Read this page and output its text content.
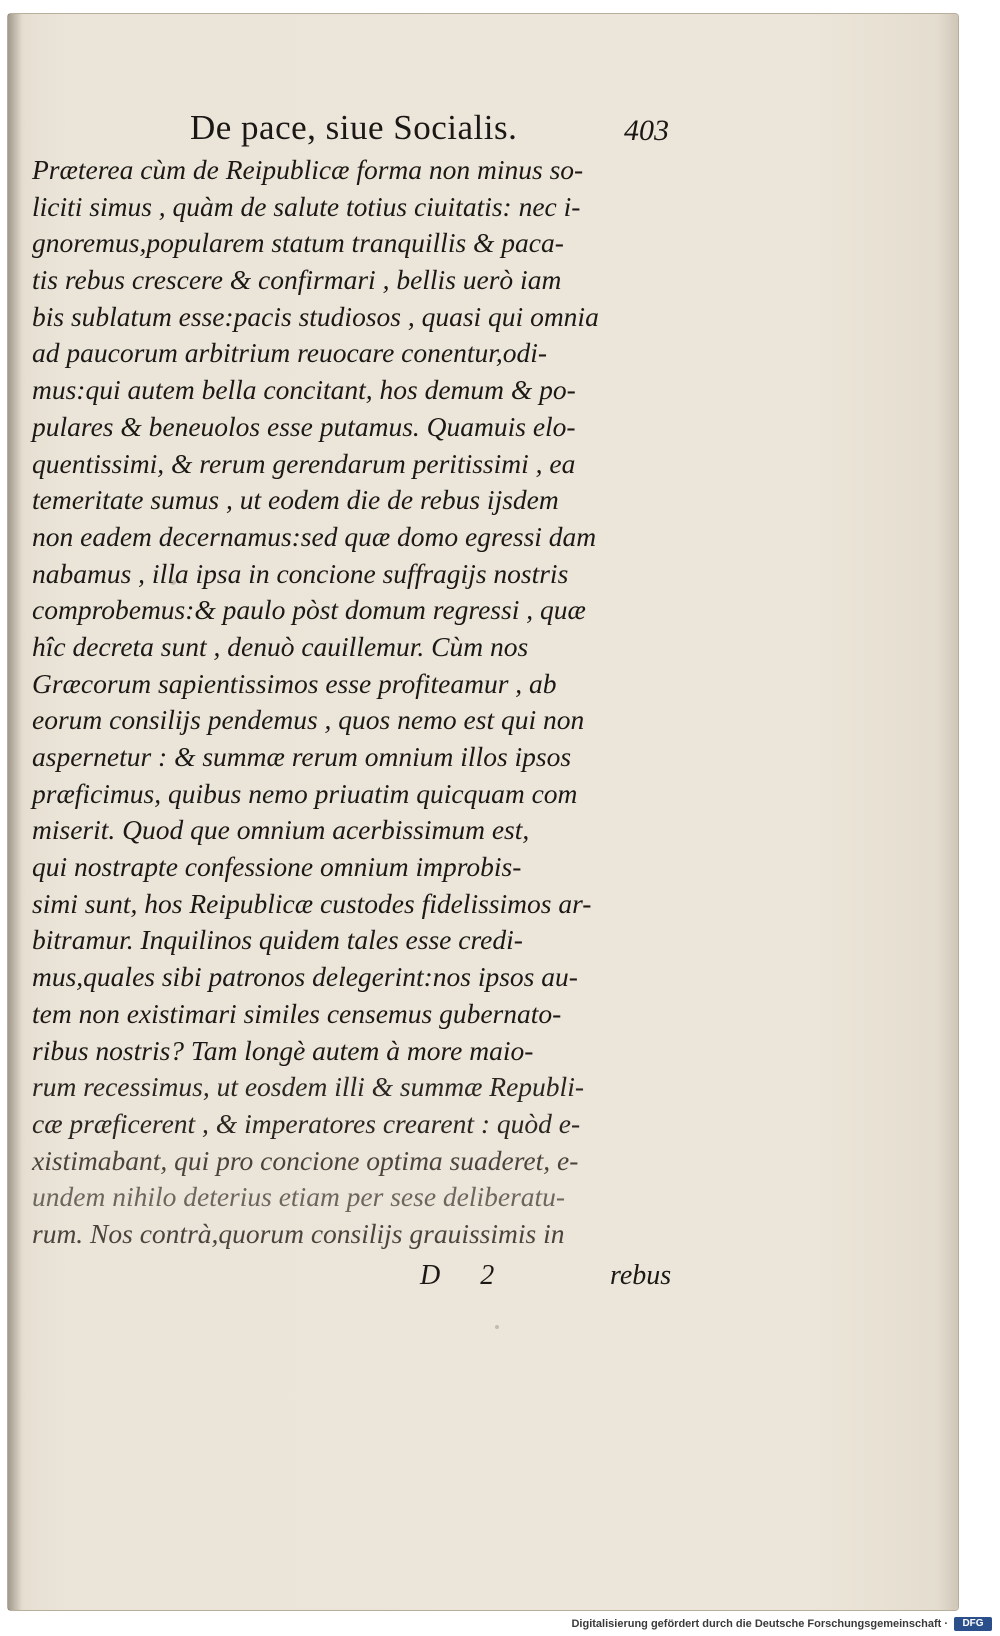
De pace, siue Socialis.	403
Præterea cùm de Reipublicæ forma non minus so-
liciti simus , quàm de salute totius ciuitatis: nec i-
gnoremus,popularem statum tranquillis & paca-
tis rebus crescere & confirmari , bellis uerò iam
bis sublatum esse:pacis studiosos , quasi qui omnia
ad paucorum arbitrium reuocare conentur,odi-
mus:qui autem bella concitant, hos demum & po-
pulares & beneuolos esse putamus. Quamuis elo-
quentissimi, & rerum gerendarum peritissimi , ea
temeritate sumus , ut eodem die de rebus ijsdem
non eadem decernamus:sed quæ domo egressi dam
nabamus , illa ipsa in concione suffragijs nostris
comprobemus:& paulo pòst domum regressi , quæ
hîc decreta sunt , denuò cauillemur. Cùm nos
Græcorum sapientissimos esse profiteamur , ab
eorum consilijs pendemus , quos nemo est qui non
aspernetur : & summæ rerum omnium illos ipsos
præficimus, quibus nemo priuatim quicquam com
miserit. Quod que omnium acerbissimum est,
qui nostrapte confessione omnium improbis-
simi sunt, hos Reipublicæ custodes fidelissimos ar-
bitramur. Inquilinos quidem tales esse credi-
mus,quales sibi patronos delegerint:nos ipsos au-
tem non existimari similes censemus gubernato-
ribus nostris? Tam longè autem à more maio-
rum recessimus, ut eosdem illi & summæ Republi-
cæ præficerent , & imperatores crearent : quòd e-
xistimabant, qui pro concione optima suaderet, e-
undem nihilo deterius etiam per sese deliberatu-
rum. Nos contrà,quorum consilijs grauissimis in
D 2	rebus
Digitalisierung gefördert durch die Deutsche Forschungsgemeinschaft ·	DFG
